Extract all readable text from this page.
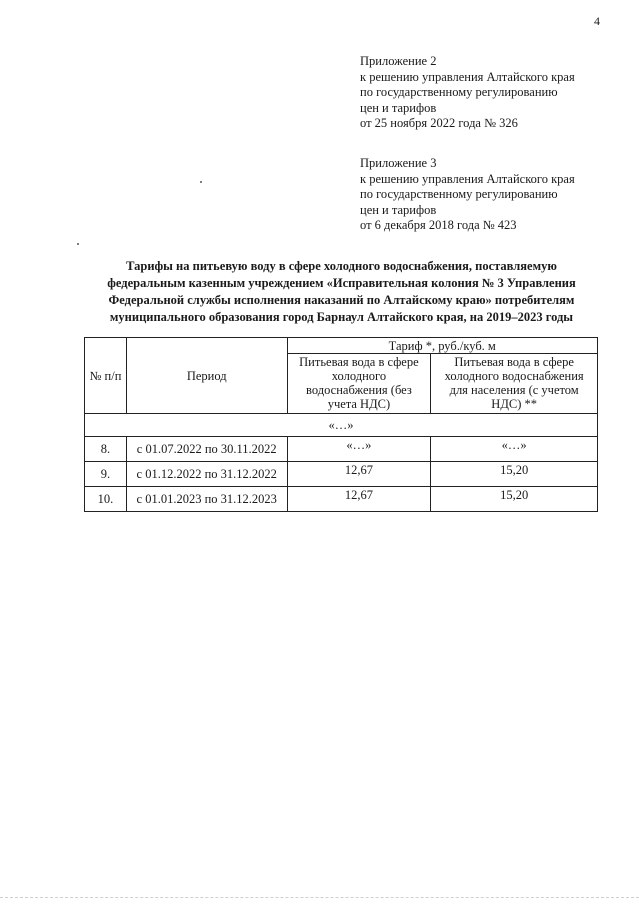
4
Приложение 2
к решению управления Алтайского края
по государственному регулированию
цен и тарифов
от 25 ноября 2022 года № 326
Приложение 3
к решению управления Алтайского края
по государственному регулированию
цен и тарифов
от 6 декабря 2018 года № 423
Тарифы на питьевую воду в сфере холодного водоснабжения, поставляемую
федеральным казенным учреждением «Исправительная колония № 3 Управления
Федеральной службы исполнения наказаний по Алтайскому краю» потребителям
муниципального образования город Барнаул Алтайского края, на 2019–2023 годы
№ п/п	Период	Тариф *, руб./куб. м	
		Питьевая вода в сфере холодного водоснабжения (без учета НДС)	Питьевая вода в сфере холодного водоснабжения для населения (с учетом НДС) **
«…»			
8.	с 01.07.2022 по 30.11.2022	«…»	«…»
9.	с 01.12.2022 по 31.12.2022	12,67	15,20
10.	с 01.01.2023 по 31.12.2023	12,67	15,20
